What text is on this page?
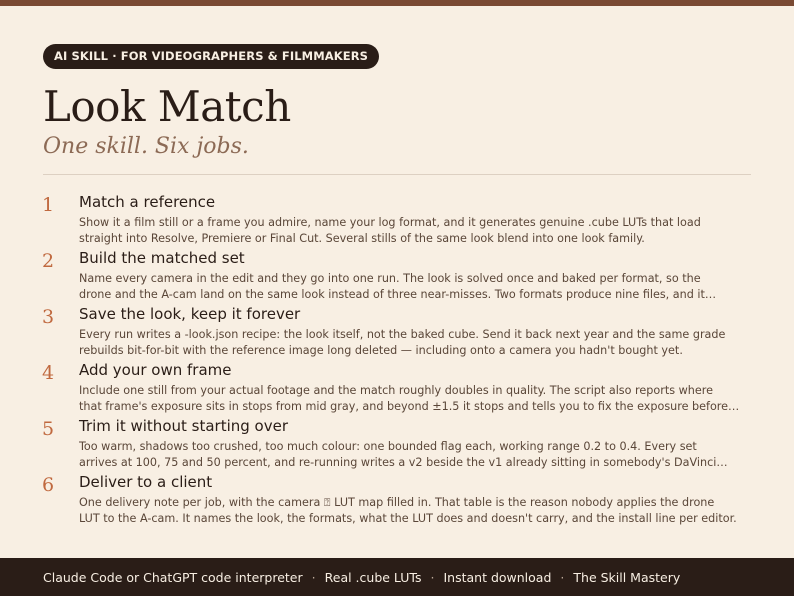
AI SKILL · FOR VIDEOGRAPHERS & FILMMAKERS
Look Match
One skill. Six jobs.
1 Match a reference
Show it a film still or a frame you admire, name your log format, and it generates genuine .cube LUTs that load
straight into Resolve, Premiere or Final Cut. Several stills of the same look blend into one look family.
2 Build the matched set
Name every camera in the edit and they go into one run. The look is solved once and baked per format, so the
drone and the A-cam land on the same look instead of three near-misses. Two formats produce nine files, and it…
3 Save the look, keep it forever
Every run writes a -look.json recipe: the look itself, not the baked cube. Send it back next year and the same grade
rebuilds bit-for-bit with the reference image long deleted — including onto a camera you hadn't bought yet.
4 Add your own frame
Include one still from your actual footage and the match roughly doubles in quality. The script also reports where
that frame's exposure sits in stops from mid gray, and beyond ±1.5 it stops and tells you to fix the exposure before…
5 Trim it without starting over
Too warm, shadows too crushed, too much colour: one bounded flag each, working range 0.2 to 0.4. Every set
arrives at 100, 75 and 50 percent, and re-running writes a v2 beside the v1 already sitting in somebody's DaVinci…
6 Deliver to a client
One delivery note per job, with the camera ⍰ LUT map filled in. That table is the reason nobody applies the drone
LUT to the A-cam. It names the look, the formats, what the LUT does and doesn't carry, and the install line per editor.
Claude Code or ChatGPT code interpreter · Real .cube LUTs · Instant download · The Skill Mastery
